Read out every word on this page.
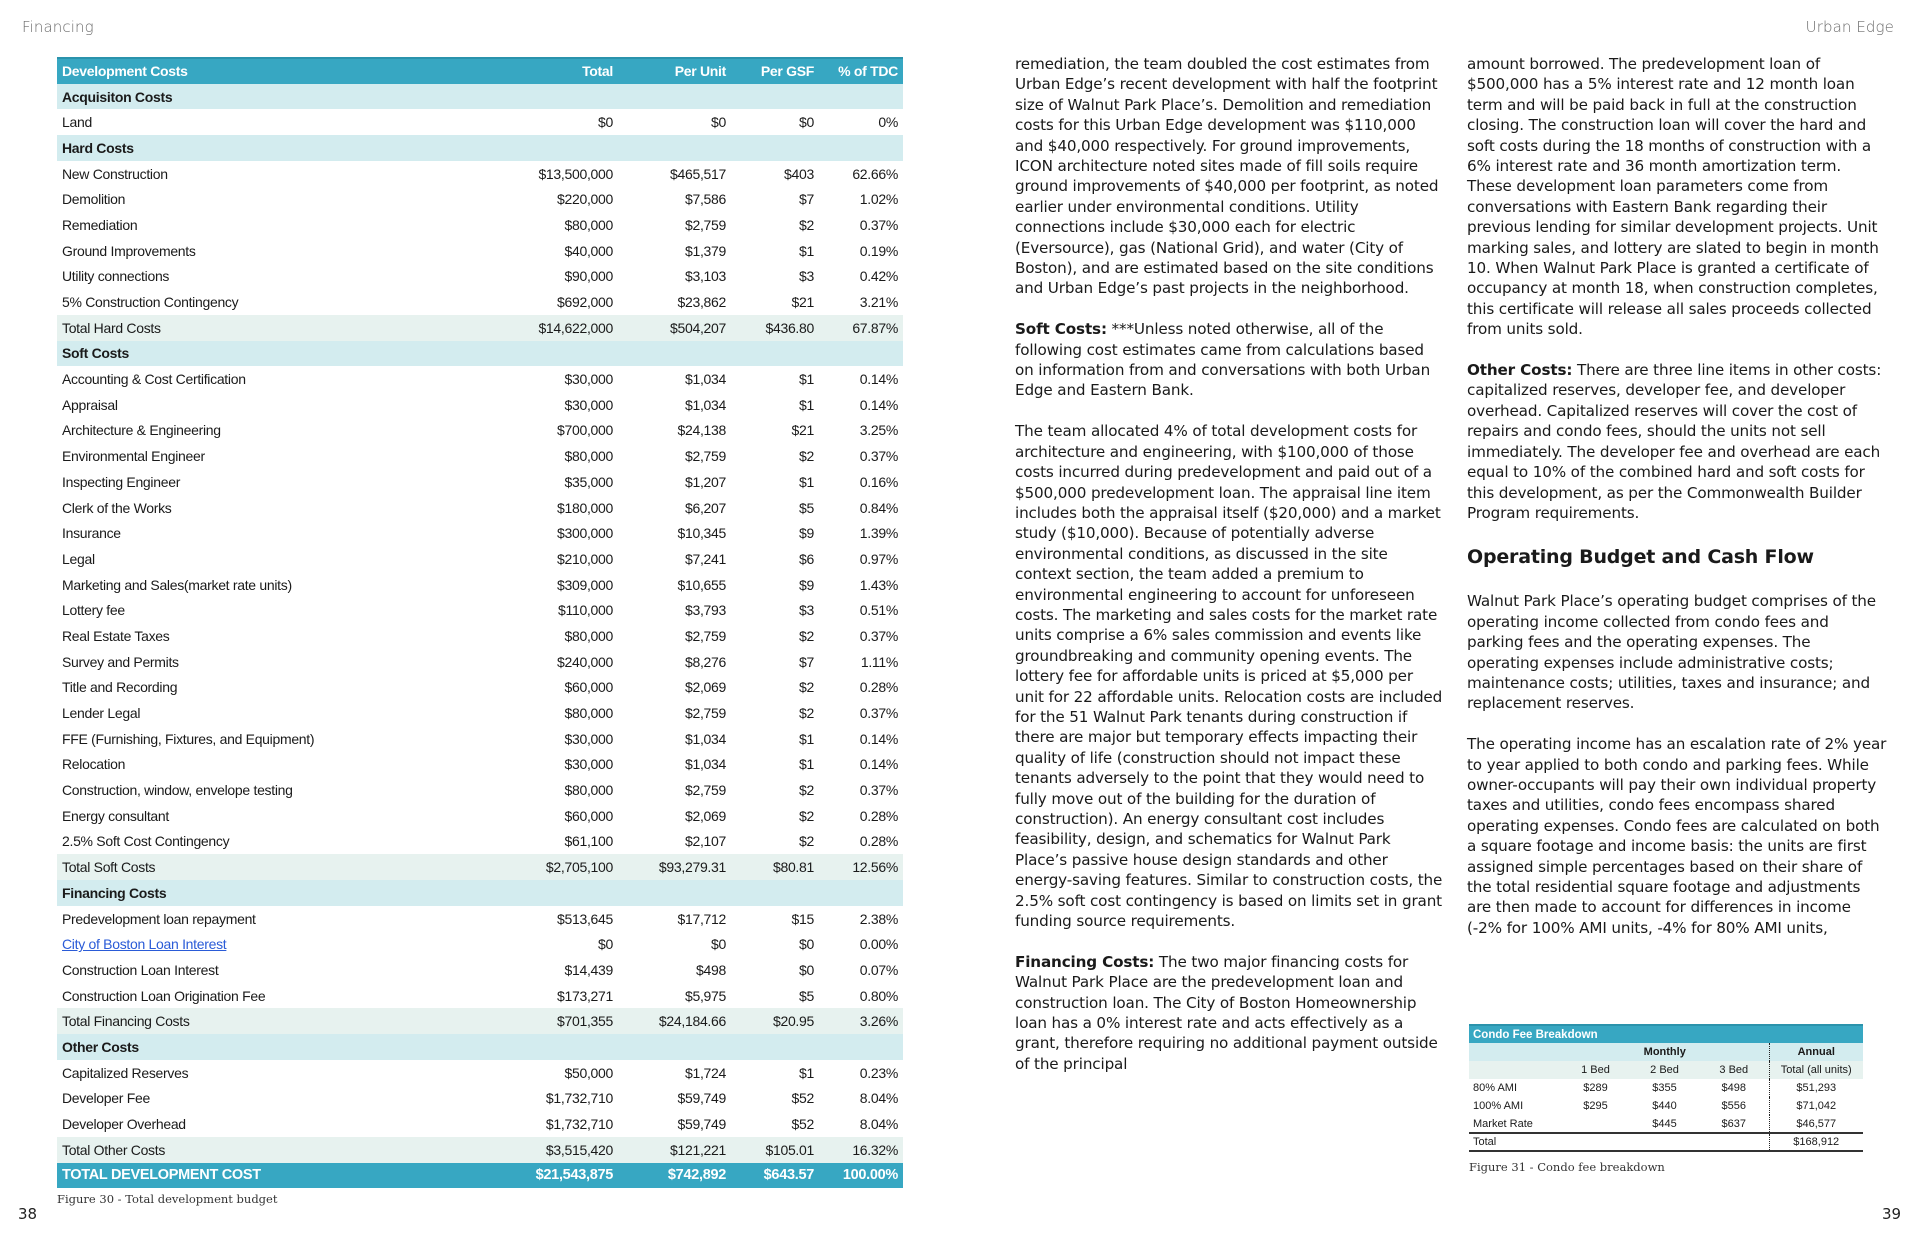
Financing	Urban Edge
Development Costs	Total	Per Unit	Per GSF	% of TDC
Acquisiton Costs				
Land	$0	$0	$0	0%
Hard Costs				
New Construction	$13,500,000	$465,517	$403	62.66%
Demolition	$220,000	$7,586	$7	1.02%
Remediation	$80,000	$2,759	$2	0.37%
Ground Improvements	$40,000	$1,379	$1	0.19%
Utility connections	$90,000	$3,103	$3	0.42%
5% Construction Contingency	$692,000	$23,862	$21	3.21%
Total Hard Costs	$14,622,000	$504,207	$436.80	67.87%
Soft Costs				
Accounting & Cost Certification	$30,000	$1,034	$1	0.14%
Appraisal	$30,000	$1,034	$1	0.14%
Architecture & Engineering	$700,000	$24,138	$21	3.25%
Environmental Engineer	$80,000	$2,759	$2	0.37%
Inspecting Engineer	$35,000	$1,207	$1	0.16%
Clerk of the Works	$180,000	$6,207	$5	0.84%
Insurance	$300,000	$10,345	$9	1.39%
Legal	$210,000	$7,241	$6	0.97%
Marketing and Sales(market rate units)	$309,000	$10,655	$9	1.43%
Lottery fee	$110,000	$3,793	$3	0.51%
Real Estate Taxes	$80,000	$2,759	$2	0.37%
Survey and Permits	$240,000	$8,276	$7	1.11%
Title and Recording	$60,000	$2,069	$2	0.28%
Lender Legal	$80,000	$2,759	$2	0.37%
FFE (Furnishing, Fixtures, and Equipment)	$30,000	$1,034	$1	0.14%
Relocation	$30,000	$1,034	$1	0.14%
Construction, window, envelope testing	$80,000	$2,759	$2	0.37%
Energy consultant	$60,000	$2,069	$2	0.28%
2.5% Soft Cost Contingency	$61,100	$2,107	$2	0.28%
Total Soft Costs	$2,705,100	$93,279.31	$80.81	12.56%
Financing Costs				
Predevelopment loan repayment	$513,645	$17,712	$15	2.38%
City of Boston Loan Interest	$0	$0	$0	0.00%
Construction Loan Interest	$14,439	$498	$0	0.07%
Construction Loan Origination Fee	$173,271	$5,975	$5	0.80%
Total Financing Costs	$701,355	$24,184.66	$20.95	3.26%
Other Costs				
Capitalized Reserves	$50,000	$1,724	$1	0.23%
Developer Fee	$1,732,710	$59,749	$52	8.04%
Developer Overhead	$1,732,710	$59,749	$52	8.04%
Total Other Costs	$3,515,420	$121,221	$105.01	16.32%
TOTAL DEVELOPMENT COST	$21,543,875	$742,892	$643.57	100.00%
Figure 30 - Total development budget

remediation, the team doubled the cost estimates from Urban Edge’s recent development with half the footprint size of Walnut Park Place’s. Demolition and remediation costs for this Urban Edge development was $110,000 and $40,000 respectively. For ground improvements, ICON architecture noted sites made of fill soils require ground improvements of $40,000 per footprint, as noted earlier under environmental conditions. Utility connections include $30,000 each for electric (Eversource), gas (National Grid), and water (City of Boston), and are estimated based on the site conditions and Urban Edge’s past projects in the neighborhood.

Soft Costs: ***Unless noted otherwise, all of the following cost estimates came from calculations based on information from and conversations with both Urban Edge and Eastern Bank.

The team allocated 4% of total development costs for architecture and engineering, with $100,000 of those costs incurred during predevelopment and paid out of a $500,000 predevelopment loan. The appraisal line item includes both the appraisal itself ($20,000) and a market study ($10,000). Because of potentially adverse environmental conditions, as discussed in the site context section, the team added a premium to environmental engineering to account for unforeseen costs. The marketing and sales costs for the market rate units comprise a 6% sales commission and events like groundbreaking and community opening events. The lottery fee for affordable units is priced at $5,000 per unit for 22 affordable units. Relocation costs are included for the 51 Walnut Park tenants during construction if there are major but temporary effects impacting their quality of life (construction should not impact these tenants adversely to the point that they would need to fully move out of the building for the duration of construction). An energy consultant cost includes feasibility, design, and schematics for Walnut Park Place’s passive house design standards and other energy-saving features. Similar to construction costs, the 2.5% soft cost contingency is based on limits set in grant funding source requirements.

Financing Costs: The two major financing costs for Walnut Park Place are the predevelopment loan and construction loan. The City of Boston Homeownership loan has a 0% interest rate and acts effectively as a grant, therefore requiring no additional payment outside of the principal

amount borrowed. The predevelopment loan of $500,000 has a 5% interest rate and 12 month loan term and will be paid back in full at the construction closing. The construction loan will cover the hard and soft costs during the 18 months of construction with a 6% interest rate and 36 month amortization term. These development loan parameters come from conversations with Eastern Bank regarding their previous lending for similar development projects. Unit marking sales, and lottery are slated to begin in month 10. When Walnut Park Place is granted a certificate of occupancy at month 18, when construction completes, this certificate will release all sales proceeds collected from units sold.

Other Costs: There are three line items in other costs: capitalized reserves, developer fee, and developer overhead. Capitalized reserves will cover the cost of repairs and condo fees, should the units not sell immediately. The developer fee and overhead are each equal to 10% of the combined hard and soft costs for this development, as per the Commonwealth Builder Program requirements.

Operating Budget and Cash Flow

Walnut Park Place’s operating budget comprises of the operating income collected from condo fees and parking fees and the operating expenses. The operating expenses include administrative costs; maintenance costs; utilities, taxes and insurance; and replacement reserves.

The operating income has an escalation rate of 2% year to year applied to both condo and parking fees. While owner-occupants will pay their own individual property taxes and utilities, condo fees encompass shared operating expenses. Condo fees are calculated on both a square footage and income basis: the units are first assigned simple percentages based on their share of the total residential square footage and adjustments are then made to account for differences in income (-2% for 100% AMI units, -4% for 80% AMI units,

Condo Fee Breakdown				
	Monthly			Annual
	1 Bed	2 Bed	3 Bed	Total (all units)
80% AMI	$289	$355	$498	$51,293
100% AMI	$295	$440	$556	$71,042
Market Rate		$445	$637	$46,577
Total				$168,912
Figure 31 - Condo fee breakdown
38	39
